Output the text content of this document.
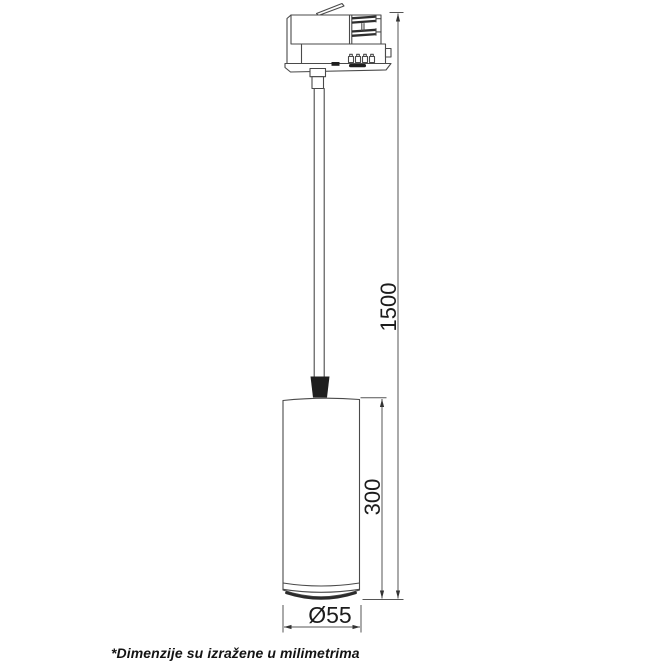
1500
300
Ø55
*Dimenzije su izražene u milimetrima
